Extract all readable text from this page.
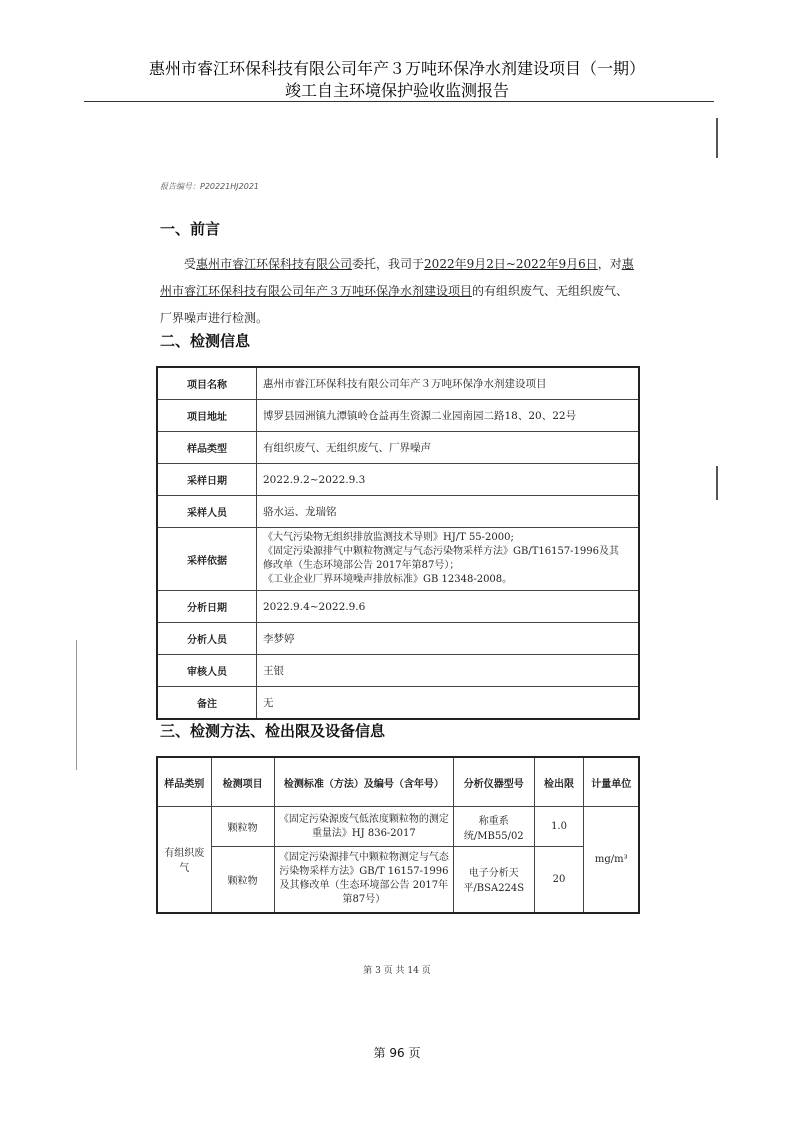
惠州市睿江环保科技有限公司年产３万吨环保净水剂建设项目（一期）
竣工自主环境保护验收监测报告
报告编号：P20221HJ2021
一、前言
受惠州市睿江环保科技有限公司委托，我司于2022年9月2日~2022年9月6日，对惠州市睿江环保科技有限公司年产３万吨环保净水剂建设项目的有组织废气、无组织废气、厂界噪声进行检测。
二、检测信息
项目名称	惠州市睿江环保科技有限公司年产３万吨环保净水剂建设项目
项目地址	博罗县园洲镇九潭镇岭仓益再生资源二业园南园二路18、20、22号
样品类型	有组织废气、无组织废气、厂界噪声
采样日期	2022.9.2~2022.9.3
采样人员	骆水运、龙瑞铭
采样依据	《大气污染物无组织排放监测技术导则》HJ/T 55-2000;
《固定污染源排气中颗粒物测定与气态污染物采样方法》GB/T16157-1996及其
修改单（生态环境部公告 2017年第87号）；
《工业企业厂界环境噪声排放标准》GB 12348-2008。

分析日期	2022.9.4~2022.9.6
分析人员	李梦婷
审核人员	王银
备注	无
三、检测方法、检出限及设备信息
样品类别	检测项目	检测标准（方法）及编号（含年号）	分析仪器型号	检出限	计量单位
有组织废气	颗粒物	《固定污染源废气低浓度颗粒物的测定重量法》HJ 836-2017	称重系统/MB55/02	1.0	mg/m³
	颗粒物	《固定污染源排气中颗粒物测定与气态污染物采样方法》GB/T 16157-1996及其修改单（生态环境部公告 2017年第87号）	电子分析天平/BSA224S	20	
第 3 页 共 14 页
第 96 页
